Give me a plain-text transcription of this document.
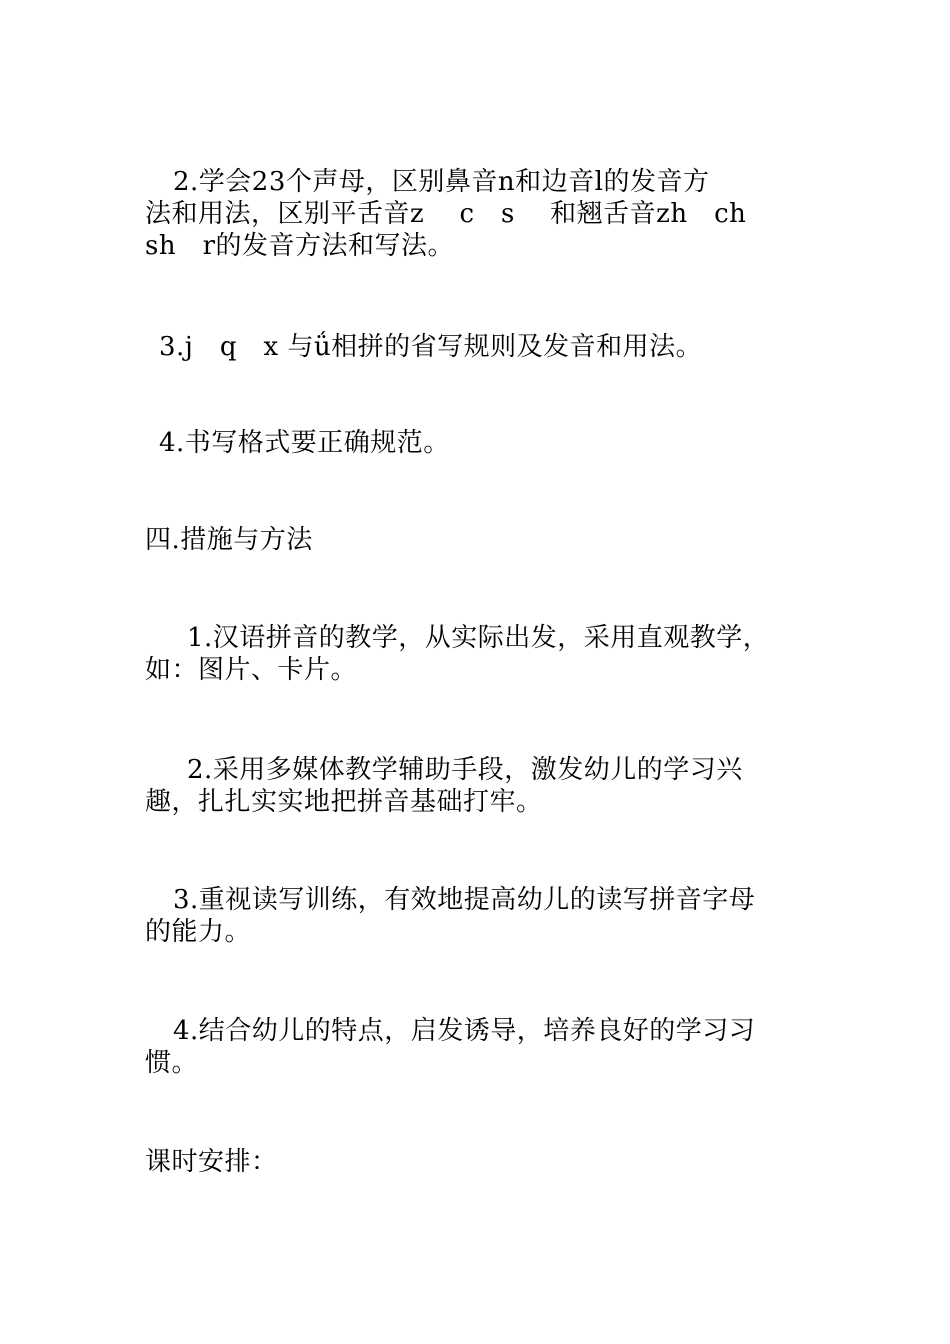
2.学会23个声母，区别鼻音n和边音l的发音方
法和用法，区别平舌音z　 c　s　 和翘舌音zh　ch
sh　r的发音方法和写法。
3.j　q　x 与ǘ相拼的省写规则及发音和用法。
4.书写格式要正确规范。
四.措施与方法
1.汉语拼音的教学，从实际出发，采用直观教学，
如：图片、卡片。
2.采用多媒体教学辅助手段，激发幼儿的学习兴
趣，扎扎实实地把拼音基础打牢。
3.重视读写训练，有效地提高幼儿的读写拼音字母
的能力。
4.结合幼儿的特点，启发诱导，培养良好的学习习
惯。
课时安排：
